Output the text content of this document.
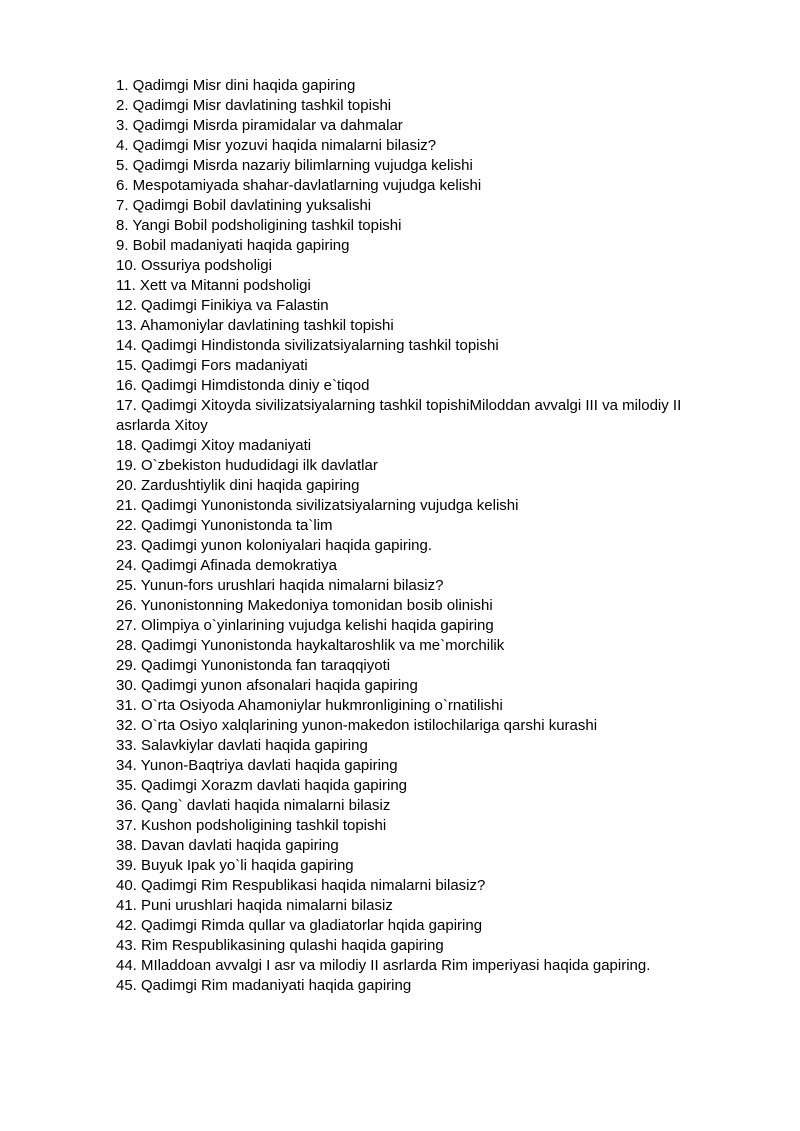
1. Qadimgi Misr dini haqida gapiring
2. Qadimgi Misr davlatining tashkil topishi
3. Qadimgi Misrda piramidalar va dahmalar
4. Qadimgi Misr yozuvi haqida nimalarni bilasiz?
5. Qadimgi Misrda nazariy bilimlarning vujudga kelishi
6. Mespotamiyada shahar-davlatlarning vujudga kelishi
7. Qadimgi Bobil davlatining yuksalishi
8. Yangi Bobil podsholigining tashkil topishi
9. Bobil madaniyati haqida gapiring
10. Ossuriya podsholigi
11. Xett va Mitanni podsholigi
12. Qadimgi Finikiya va Falastin
13. Ahamoniylar davlatining tashkil topishi
14. Qadimgi Hindistonda sivilizatsiyalarning tashkil topishi
15. Qadimgi Fors madaniyati
16. Qadimgi Himdistonda diniy e`tiqod
17. Qadimgi Xitoyda sivilizatsiyalarning tashkil topishiMiloddan avvalgi III va milodiy II asrlarda Xitoy
18. Qadimgi Xitoy madaniyati
19. O`zbekiston hududidagi ilk davlatlar
20. Zardushtiylik dini haqida gapiring
21. Qadimgi Yunonistonda sivilizatsiyalarning vujudga kelishi
22. Qadimgi Yunonistonda ta`lim
23. Qadimgi yunon koloniyalari haqida gapiring.
24. Qadimgi Afinada demokratiya
25. Yunun-fors urushlari haqida nimalarni bilasiz?
26. Yunonistonning Makedoniya tomonidan bosib olinishi
27. Olimpiya o`yinlarining vujudga kelishi haqida gapiring
28. Qadimgi Yunonistonda haykaltaroshlik va me`morchilik
29. Qadimgi Yunonistonda fan taraqqiyoti
30. Qadimgi yunon afsonalari haqida gapiring
31. O`rta Osiyoda Ahamoniylar hukmronligining o`rnatilishi
32. O`rta Osiyo xalqlarining yunon-makedon istilochilariga qarshi kurashi
33. Salavkiylar davlati haqida gapiring
34. Yunon-Baqtriya davlati haqida gapiring
35. Qadimgi Xorazm davlati haqida gapiring
36. Qang` davlati haqida nimalarni bilasiz
37. Kushon podsholigining tashkil topishi
38. Davan davlati haqida gapiring
39. Buyuk Ipak yo`li haqida gapiring
40. Qadimgi Rim Respublikasi haqida nimalarni bilasiz?
41. Puni urushlari haqida nimalarni bilasiz
42. Qadimgi Rimda qullar va gladiatorlar hqida gapiring
43. Rim Respublikasining qulashi haqida gapiring
44. MIladdoan avvalgi I asr va milodiy II asrlarda Rim imperiyasi haqida gapiring.
45. Qadimgi Rim madaniyati haqida gapiring
